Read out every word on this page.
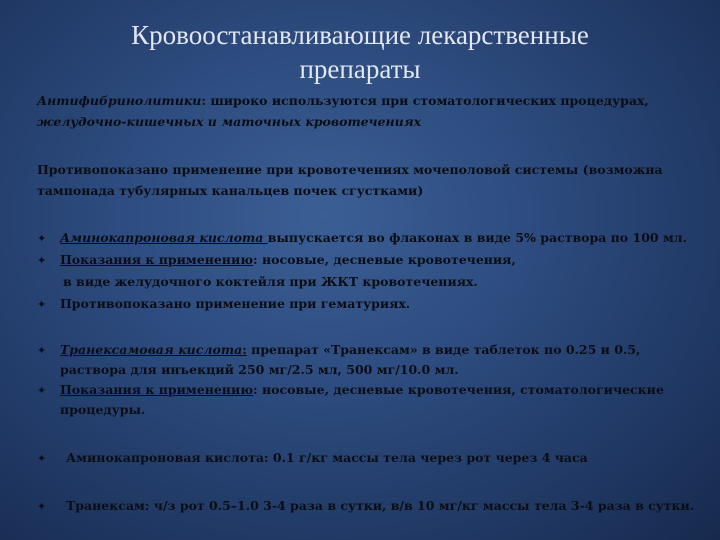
Кровоостанавливающие лекарственные
препараты
Антифибринолитики: широко используются при стоматологических процедурах,
желудочно-кишечных и маточных кровотечениях
Противопоказано применение при кровотечениях мочеполовой системы (возможна
тампонада тубулярных канальцев почек сгустками)
✦
Аминокапроновая кислота выпускается во флаконах в виде 5% раствора по 100 мл.
✦
Показания к применению: носовые, десневые кровотечения,
в виде желудочного коктейля при ЖКТ кровотечениях.
✦
Противопоказано применение при гематуриях.
✦
Транексамовая кислота: препарат «Транексам» в виде таблеток по 0.25 и 0.5,
раствора для инъекций 250 мг/2.5 мл, 500 мг/10.0 мл.
✦
Показания к применению: носовые, десневые кровотечения, стоматологические
процедуры.
✦
Аминокапроновая кислота: 0.1 г/кг массы тела через рот через 4 часа
✦
Транексам: ч/з рот 0.5–1.0 3-4 раза в сутки, в/в 10 мг/кг массы тела 3-4 раза в сутки.
